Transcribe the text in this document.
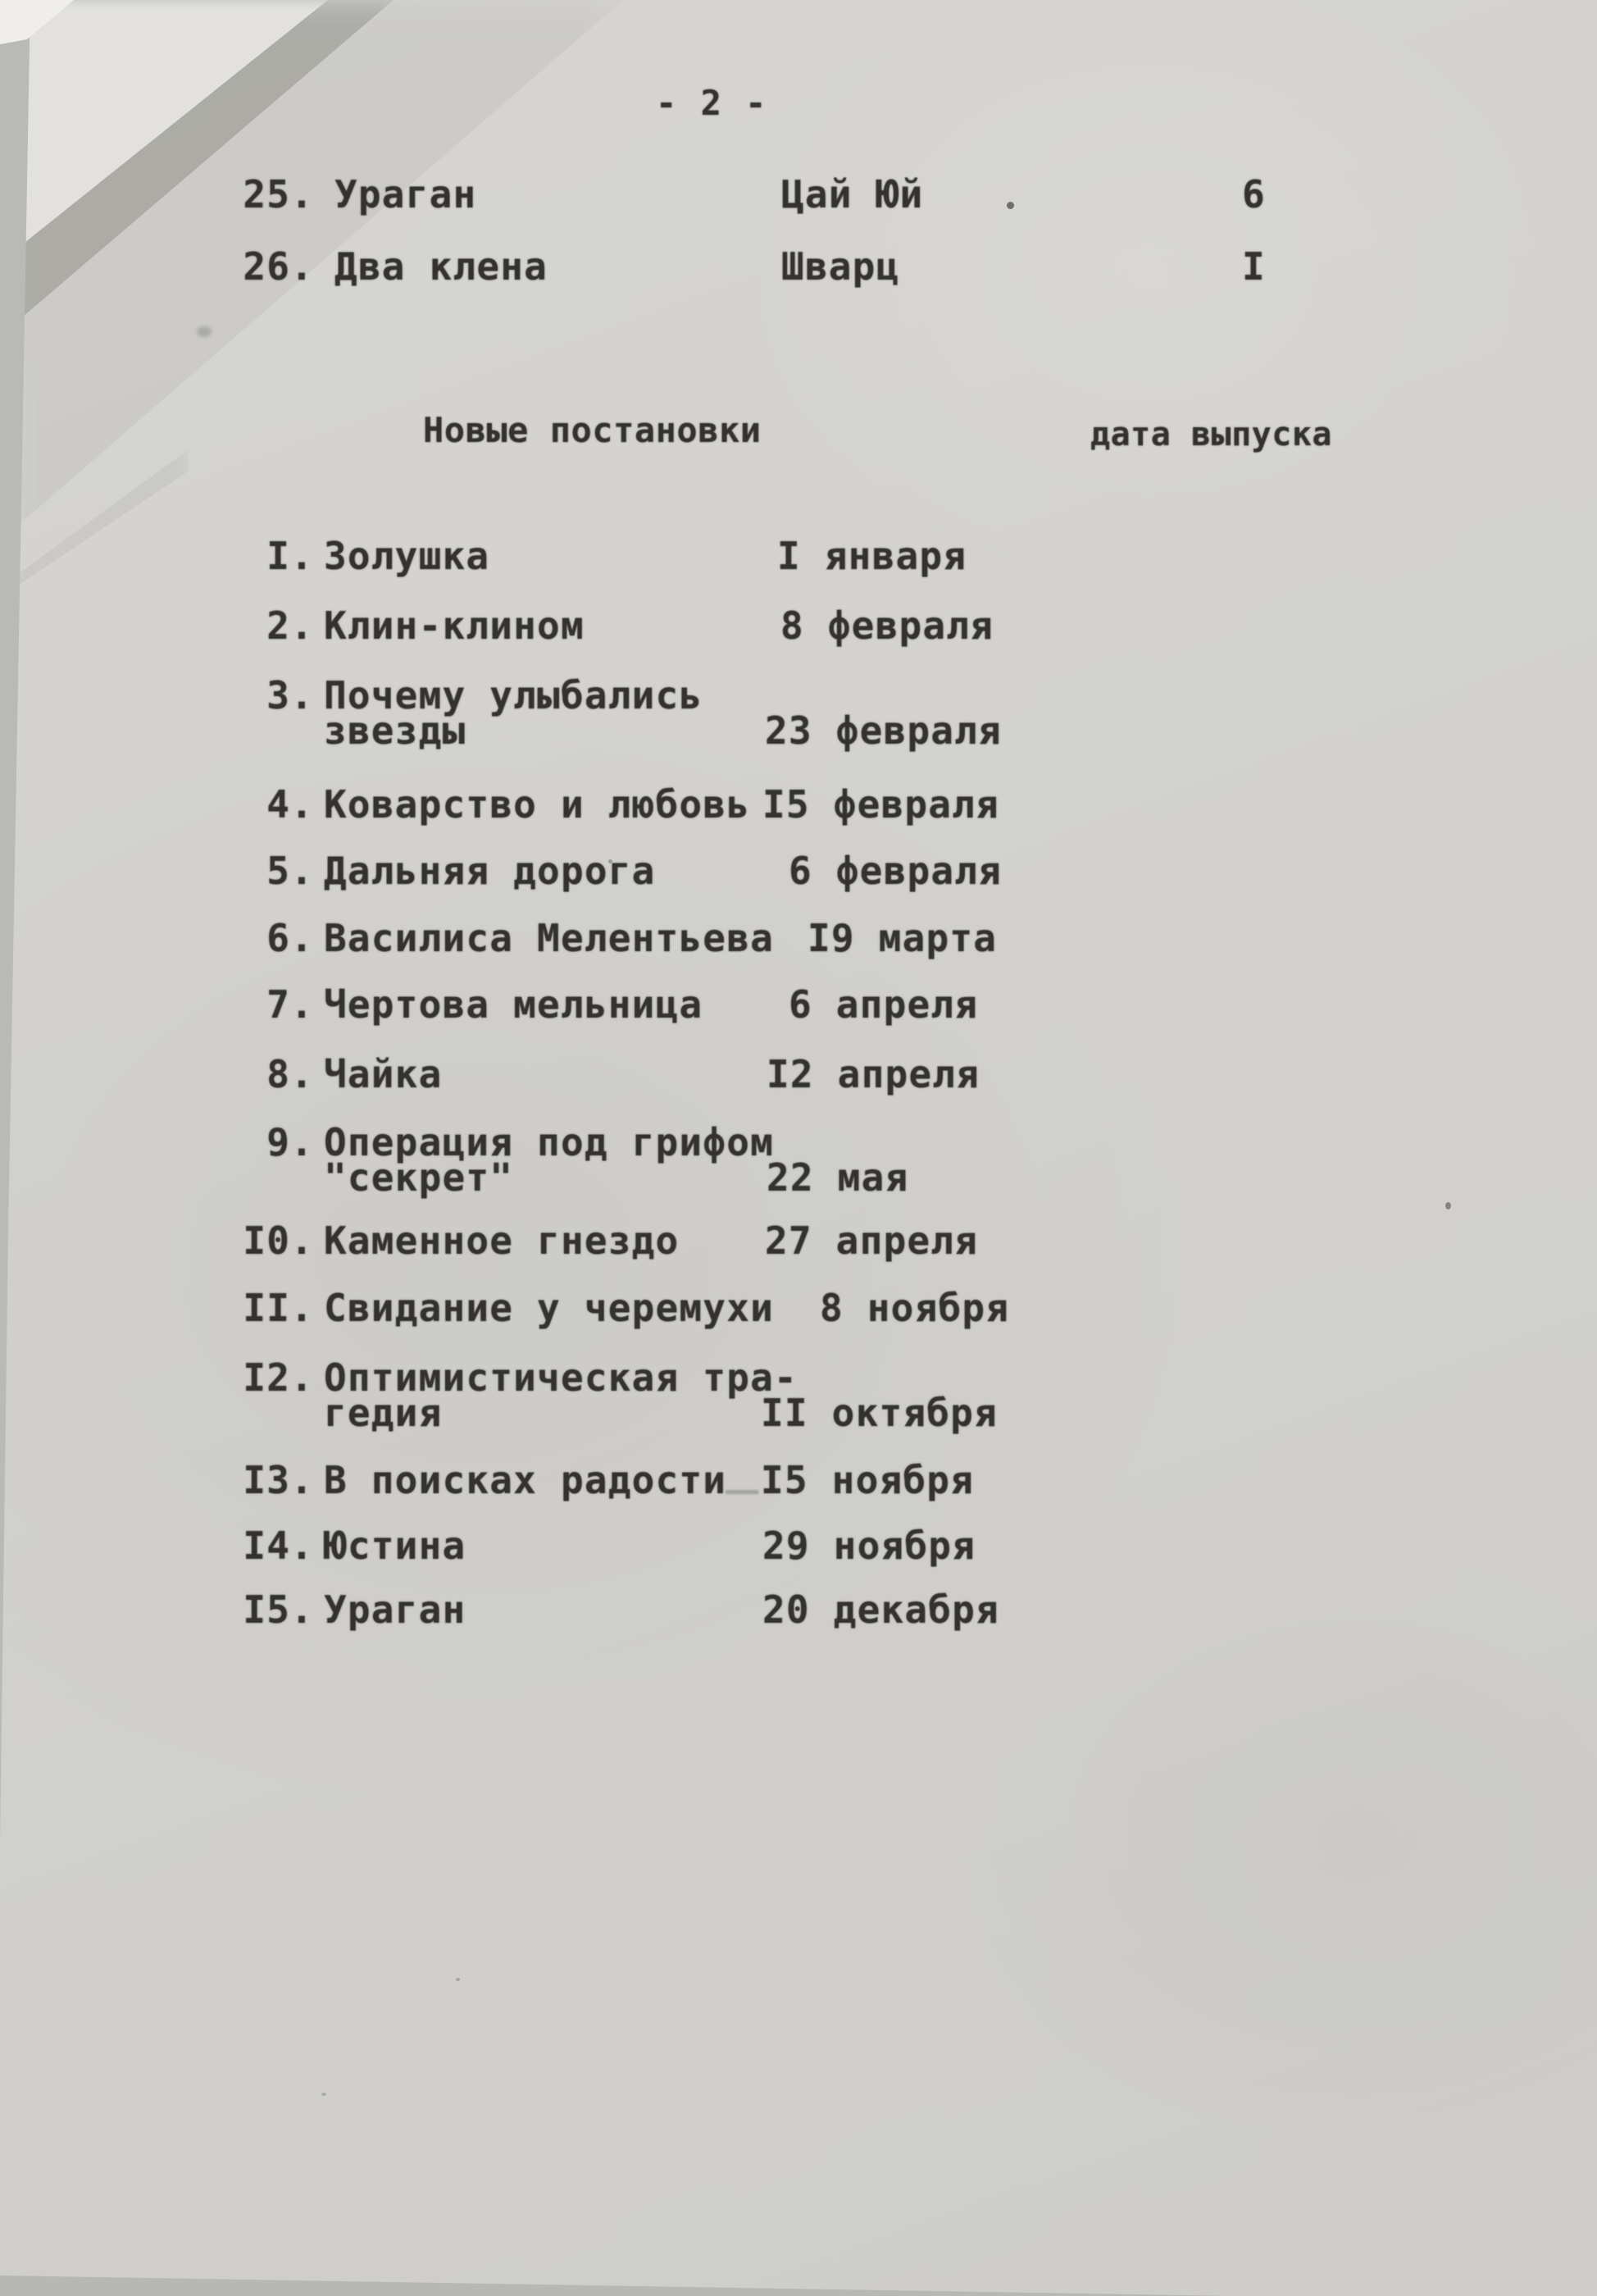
- 2 -
25. Ураган	Цай Юй	6
26. Два клена	Шварц	I
Новые постановки	дата выпуска
I. Золушка	I января
2. Клин-клином	8 февраля
3. Почему улыбались
звезды	23 февраля
4. Коварство и любовь I5 февраля
5. Дальняя дорога	6 февраля
6. Василиса Мелентьева I9 марта
7. Чертова мельница 6 апреля
8. Чайка	I2 апреля
9. Операция под грифом
"секрет"	22 мая
I0. Каменное гнездо 27 апреля
II. Свидание у черемухи 8 ноября
I2. Оптимистическая тра-
гедия	II октября
I3. В поисках радости I5 ноября
I4. Юстина	29 ноября
I5. Ураган	20 декабря
